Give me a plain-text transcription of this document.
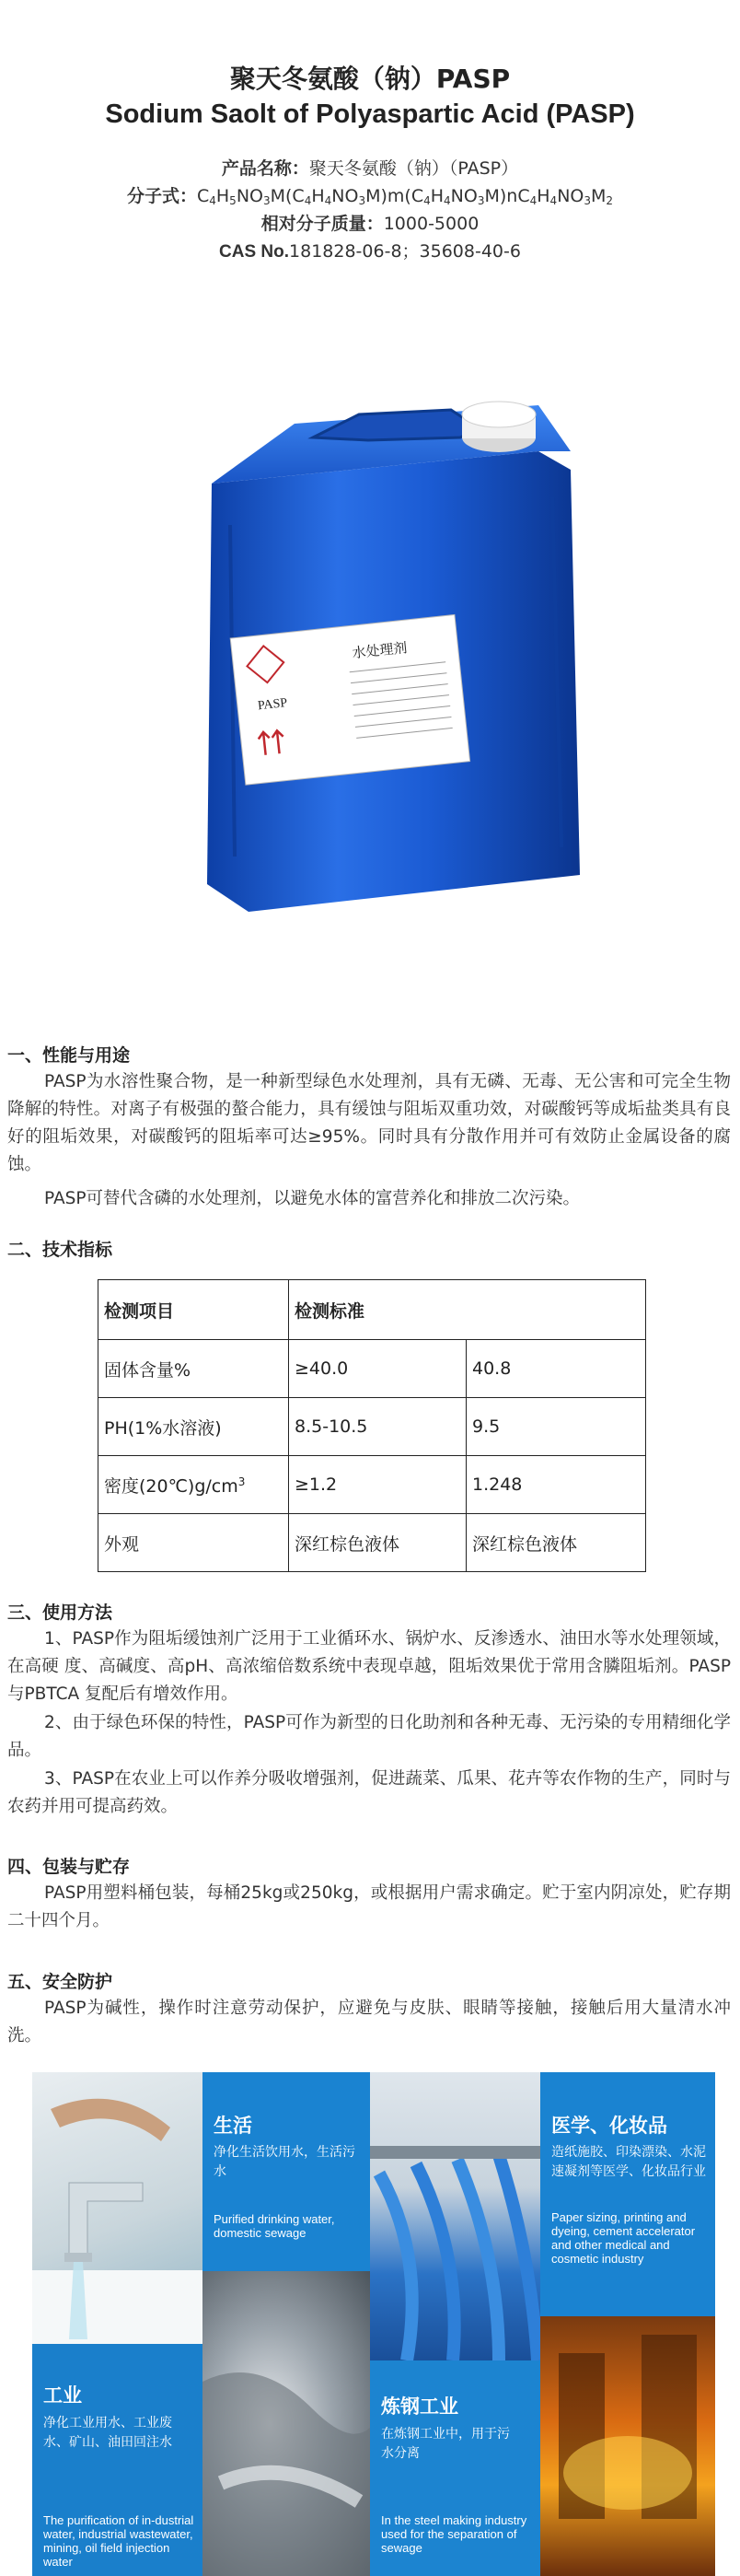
聚天冬氨酸（钠）PASP
Sodium Saolt of Polyaspartic Acid (PASP)
产品名称：聚天冬氨酸（钠）（PASP）
分子式：$C_4H_5NO_3M(C_4H_4NO_3M)m(C_4H_4NO_3M)nC_4H_4NO_3M_2$
相对分子质量：1000-5000
CAS No.181828-06-8；35608-40-6
PASP
水处理剂
一、性能与用途
PASP为水溶性聚合物，是一种新型绿色水处理剂，具有无磷、无毒、无公害和可完全生物降解的特性。对离子有极强的螯合能力，具有缓蚀与阻垢双重功效，对碳酸钙等成垢盐类具有良好的阻垢效果，对碳酸钙的阻垢率可达≥95%。同时具有分散作用并可有效防止金属设备的腐蚀。
PASP可替代含磷的水处理剂，以避免水体的富营养化和排放二次污染。
二、技术指标
检测项目	检测标准	
固体含量%	≥40.0	40.8
PH(1%水溶液)	8.5-10.5	9.5
密度$(20℃)g/cm^3$	≥1.2	1.248
外观	深红棕色液体	深红棕色液体
三、使用方法
1、PASP作为阻垢缓蚀剂广泛用于工业循环水、锅炉水、反渗透水、油田水等水处理领域，在高硬 度、高碱度、高pH、高浓缩倍数系统中表现卓越，阻垢效果优于常用含膦阻垢剂。PASP与PBTCA 复配后有增效作用。
2、由于绿色环保的特性，PASP可作为新型的日化助剂和各种无毒、无污染的专用精细化学品。
3、PASP在农业上可以作养分吸收增强剂，促进蔬菜、瓜果、花卉等农作物的生产，同时与农药并用可提高药效。
四、包装与贮存
PASP用塑料桶包装，每桶25kg或250kg，或根据用户需求确定。贮于室内阴凉处，贮存期二十四个月。
五、安全防护
PASP为碱性，操作时注意劳动保护，应避免与皮肤、眼睛等接触，接触后用大量清水冲洗。
生活
净化生活饮用水，生活污水
Purified drinking water, domestic sewage
医学、化妆品
造纸施胶、印染漂染、水泥速凝剂等医学、化妆品行业
Paper sizing, printing and dyeing, cement accelerator and other medical and cosmetic industry
工业
净化工业用水、工业废水、矿山、油田回注水
The purification of in-dustrial water, industrial wastewater, mining, oil field injection water
炼钢工业
在炼钢工业中，用于污水分离
In the steel making industry used for the separation of sewage
